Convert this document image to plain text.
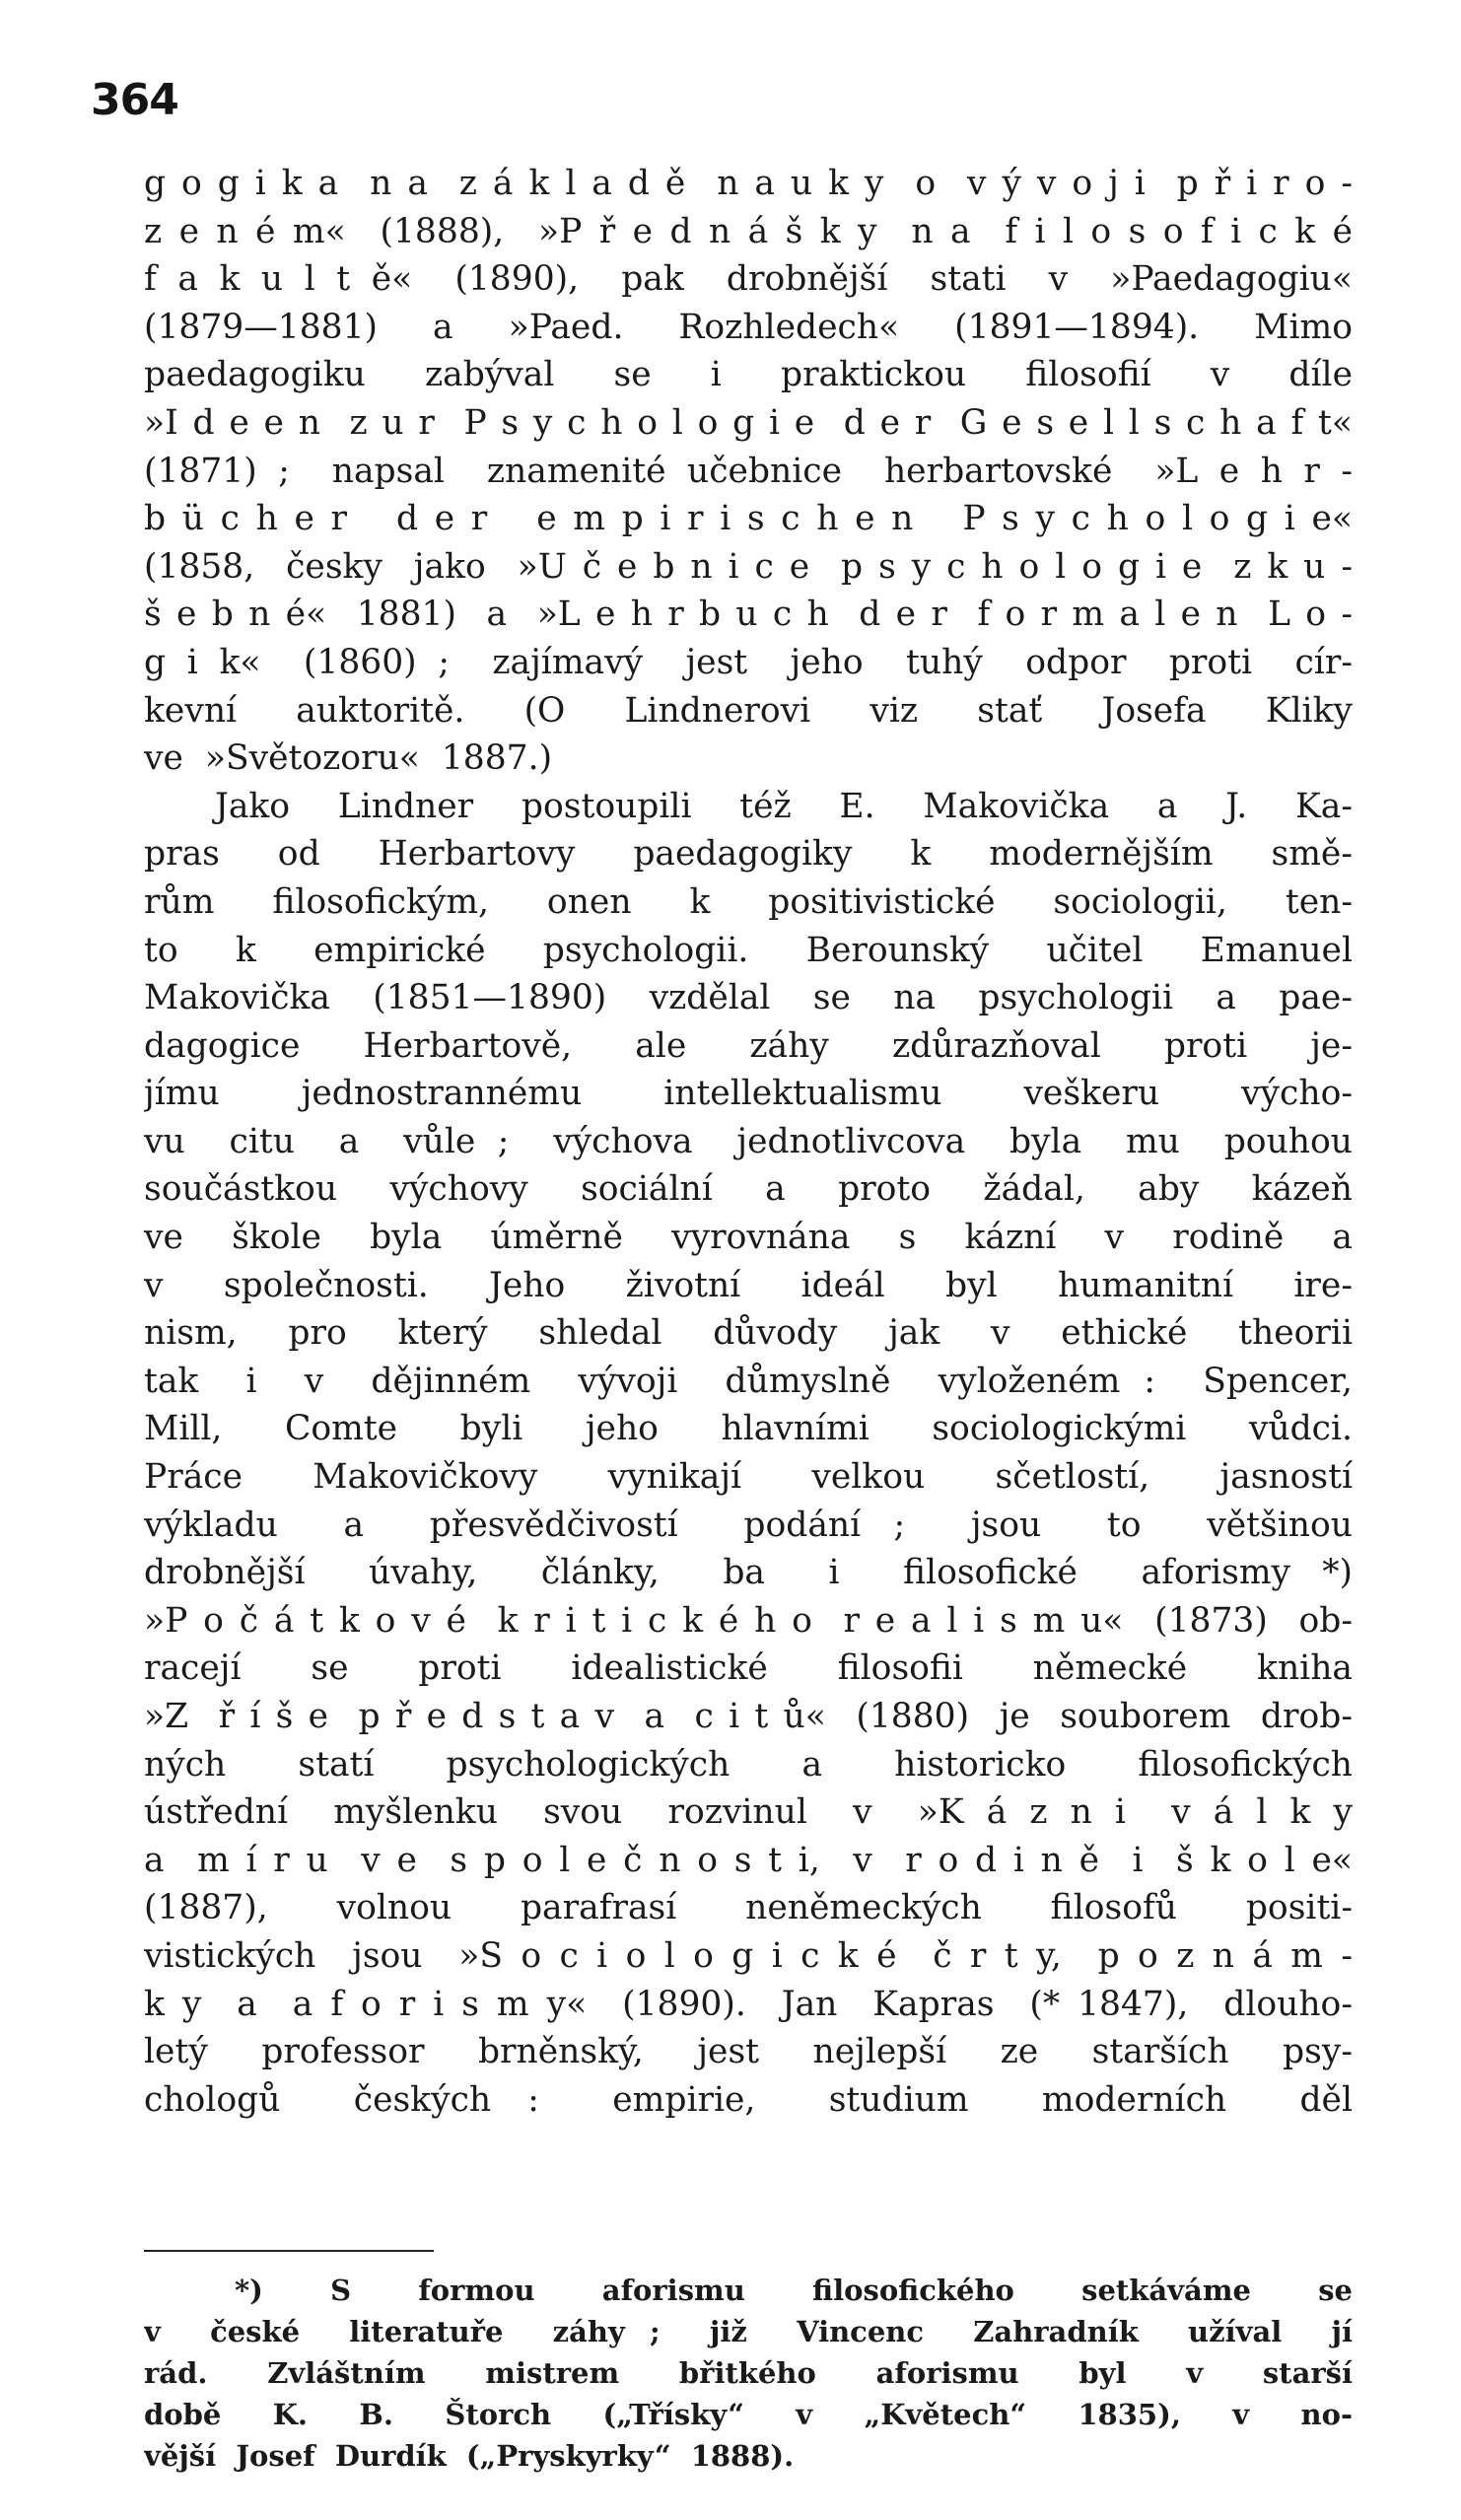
364
g o g i k a  n a  z á k l a d ě  n a u k y  o  v ý v o j i  p ř i r o -
z e n é m«  (1888),  »P ř e d n á š k y  n a  f i l o s o f i c k é
f a k u l t ě«  (1890),  pak  drobnější  stati  v  »Paedagogiu«
(1879—1881)  a  »Paed.  Rozhledech«  (1891—1894).  Mimo
paedagogiku  zabýval  se  i  praktickou  filosofií  v  díle
»I d e e n  z u r  P s y c h o l o g i e  d e r  G e s e l l s c h a f t«
(1871) ;  napsal  znamenité učebnice  herbartovské  »L e h r -
b ü c h e r   d e r   e m p i r i s c h e n   P s y c h o l o g i e«
(1858,  česky  jako  »U č e b n i c e  p s y c h o l o g i e  z k u -
š e b n é«  1881)  a  »L e h r b u c h  d e r  f o r m a l e n  L o -
g i k«  (1860) ;  zajímavý  jest  jeho  tuhý  odpor  proti  cír-
kevní  auktoritě.  (O  Lindnerovi  viz  stať  Josefa  Kliky
ve  »Světozoru«  1887.)
Jako  Lindner  postoupili  též  E.  Makovička  a  J.  Ka-
pras  od  Herbartovy  paedagogiky  k  modernějším  smě-
rům  filosofickým,  onen  k  positivistické  sociologii,  ten-
to  k  empirické  psychologii.  Berounský  učitel  Emanuel
Makovička  (1851—1890)  vzdělal  se  na  psychologii  a  pae-
dagogice  Herbartově,  ale  záhy  zdůrazňoval  proti  je-
jímu  jednostrannému  intellektualismu  veškeru  výcho-
vu  citu  a  vůle ;  výchova  jednotlivcova  byla  mu  pouhou
součástkou  výchovy  sociální  a  proto  žádal,  aby  kázeň
ve  škole  byla  úměrně  vyrovnána  s  kázní  v  rodině  a
v  společnosti.  Jeho  životní  ideál  byl  humanitní  ire-
nism,  pro  který  shledal  důvody  jak  v  ethické  theorii
tak  i  v  dějinném  vývoji  důmyslně  vyloženém :  Spencer,
Mill,  Comte  byli  jeho  hlavními  sociologickými  vůdci.
Práce  Makovičkovy  vynikají  velkou  sčetlostí,  jasností
výkladu  a  přesvědčivostí  podání ;  jsou  to  většinou
drobnější  úvahy,  články,  ba  i  filosofické  aforismy *)
»P o č á t k o v é  k r i t i c k é h o  r e a l i s m u«  (1873)  ob-
racejí  se  proti  idealistické  filosofii  německé  kniha
»Z  ř í š e  p ř e d s t a v  a  c i t ů«  (1880)  je  souborem  drob-
ných  statí  psychologických  a  historicko  filosofických
ústřední  myšlenku  svou  rozvinul  v  »K á z n i  v á l k y
a  m í r u  v e  s p o l e č n o s t i,  v  r o d i n ě  i  š k o l e«
(1887),  volnou  parafrasí  neněmeckých  filosofů  positi-
vistických  jsou  »S o c i o l o g i c k é  č r t y,  p o z n á m -
k y  a  a f o r i s m y«  (1890).  Jan  Kapras  (* 1847),  dlouho-
letý  professor  brněnský,  jest  nejlepší  ze  starších  psy-
chologů  českých :  empirie,  studium  moderních  děl
*)  S  formou  aforismu  filosofického  setkáváme  se
v  české  literatuře  záhy ;  již  Vincenc  Zahradník  užíval  jí
rád.  Zvláštním  mistrem  břitkého  aforismu  byl  v  starší
době  K.  B.  Štorch  („Třísky“  v  „Květech“  1835),  v  no-
vější  Josef  Durdík  („Pryskyrky“  1888).
